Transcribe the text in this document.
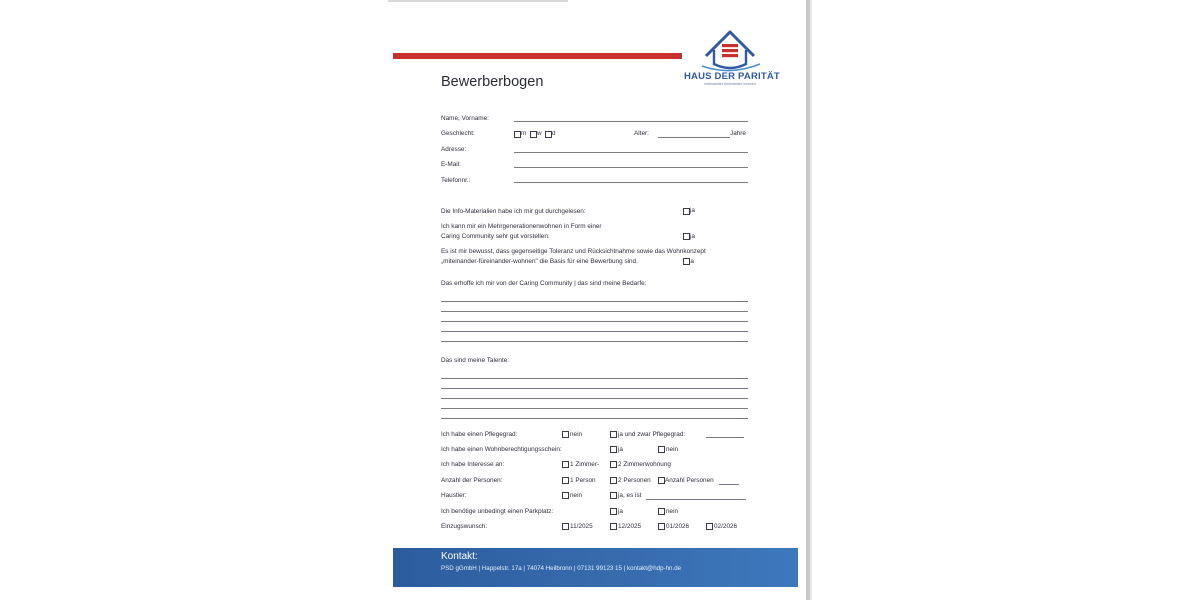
HAUS DER PARITÄT
miteinander füreinander wohnen
Bewerberbogen
Name, Vorname:
Geschlecht:	m w d	Alter:	Jahre
Adresse:
E-Mail:
Telefonnr.:
Die Info-Materialien habe ich mir gut durchgelesen:	ja
Ich kann mir ein Mehrgenerationenwohnen in Form einer
Caring Community sehr gut vorstellen:	ja
Es ist mir bewusst, dass gegenseitige Toleranz und Rücksichtnahme sowie das Wohnkonzept
„miteinander-füreinander-wohnen" die Basis für eine Bewerbung sind.	ja
Das erhoffe ich mir von der Caring Community | das sind meine Bedarfe:
Das sind meine Talente:
Ich habe einen Pflegegrad:	nein	ja und zwar Pflegegrad:
Ich habe einen Wohnberechtigungsschein:	ja	nein
Ich habe Interesse an:	1 Zimmer-	2 Zimmerwohnung
Anzahl der Personen:	1 Person	2 Personen Anzahl Personen
Haustier:	nein	ja, es ist
Ich benötige unbedingt einen Parkplatz:	ja	nein
Einzugswunsch:	11/2025	12/2025	01/2026	02/2026
Kontakt:
PSD gGmbH | Happelstr. 17a | 74074 Heilbronn | 07131 99123 15 | kontakt@hdp-hn.de
